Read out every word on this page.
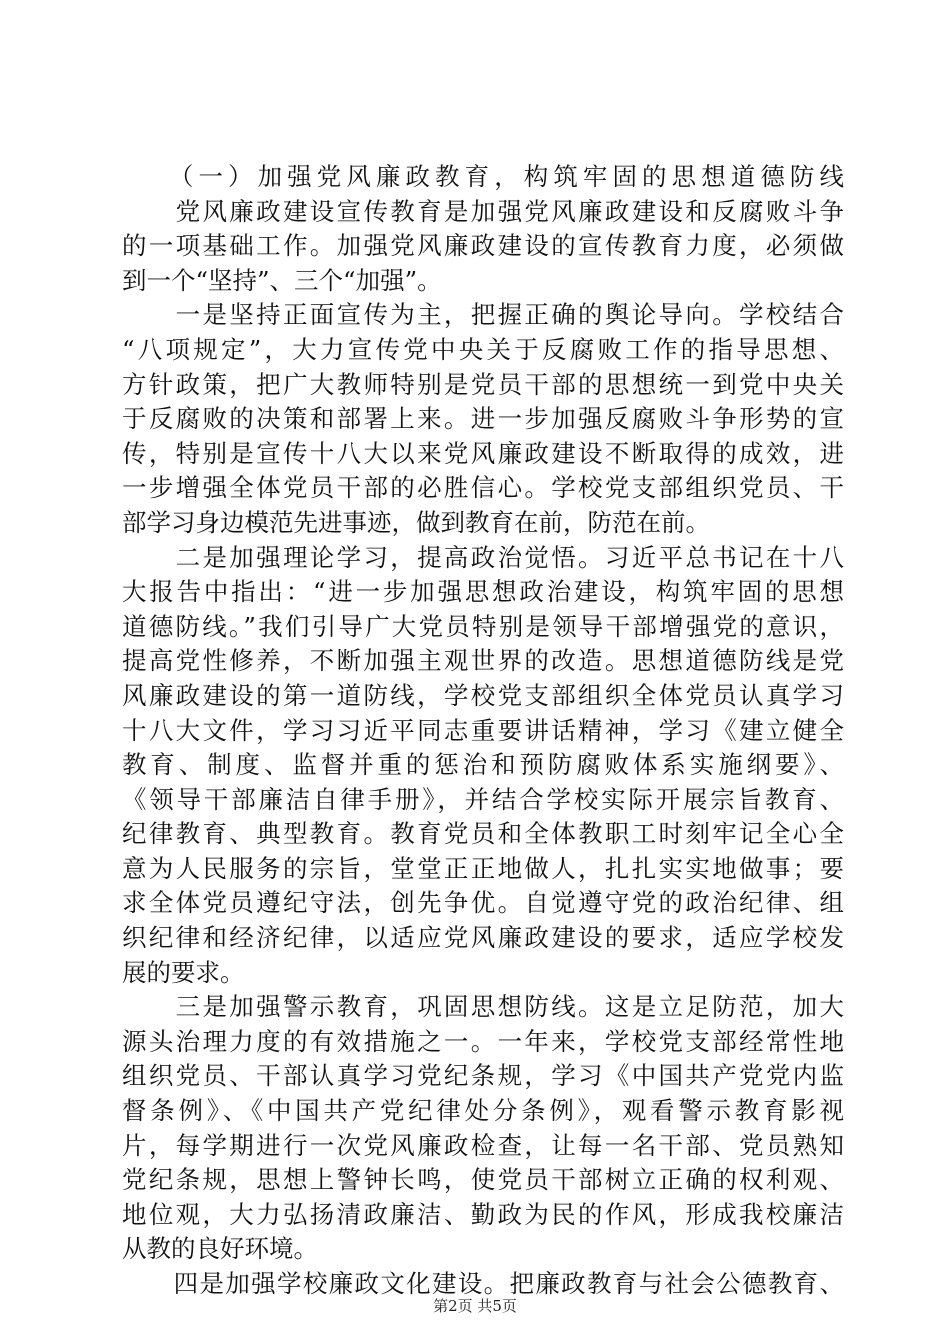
　　（一）加强党风廉政教育，构筑牢固的思想道德防线
　　党风廉政建设宣传教育是加强党风廉政建设和反腐败斗争
的一项基础工作。加强党风廉政建设的宣传教育力度，必须做
到一个“坚持”、三个“加强”。
　　一是坚持正面宣传为主，把握正确的舆论导向。学校结合
“八项规定”，大力宣传党中央关于反腐败工作的指导思想、
方针政策，把广大教师特别是党员干部的思想统一到党中央关
于反腐败的决策和部署上来。进一步加强反腐败斗争形势的宣
传，特别是宣传十八大以来党风廉政建设不断取得的成效，进
一步增强全体党员干部的必胜信心。学校党支部组织党员、干
部学习身边模范先进事迹，做到教育在前，防范在前。
　　二是加强理论学习，提高政治觉悟。习近平总书记在十八
大报告中指出：“进一步加强思想政治建设，构筑牢固的思想
道德防线。”我们引导广大党员特别是领导干部增强党的意识，
提高党性修养，不断加强主观世界的改造。思想道德防线是党
风廉政建设的第一道防线，学校党支部组织全体党员认真学习
十八大文件，学习习近平同志重要讲话精神，学习《建立健全
教育、制度、监督并重的惩治和预防腐败体系实施纲要》、
《领导干部廉洁自律手册》，并结合学校实际开展宗旨教育、
纪律教育、典型教育。教育党员和全体教职工时刻牢记全心全
意为人民服务的宗旨，堂堂正正地做人，扎扎实实地做事；要
求全体党员遵纪守法，创先争优。自觉遵守党的政治纪律、组
织纪律和经济纪律，以适应党风廉政建设的要求，适应学校发
展的要求。
　　三是加强警示教育，巩固思想防线。这是立足防范，加大
源头治理力度的有效措施之一。一年来，学校党支部经常性地
组织党员、干部认真学习党纪条规，学习《中国共产党党内监
督条例》、《中国共产党纪律处分条例》，观看警示教育影视
片，每学期进行一次党风廉政检查，让每一名干部、党员熟知
党纪条规，思想上警钟长鸣，使党员干部树立正确的权利观、
地位观，大力弘扬清政廉洁、勤政为民的作风，形成我校廉洁
从教的良好环境。
　　四是加强学校廉政文化建设。把廉政教育与社会公德教育、
第2页 共5页
